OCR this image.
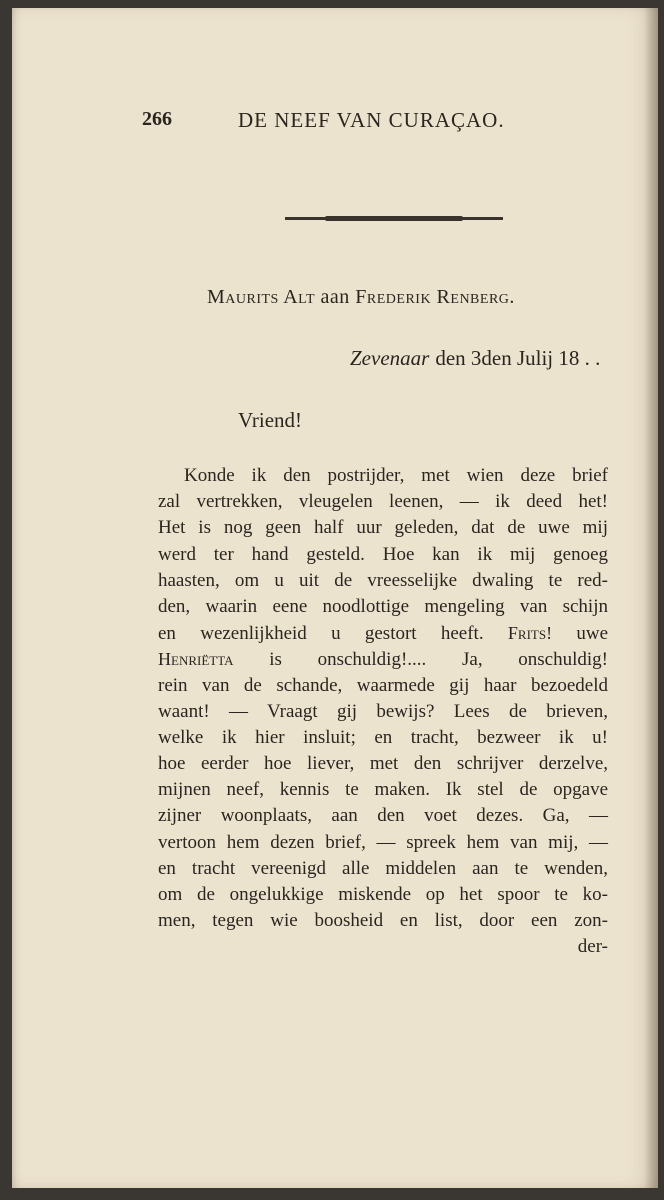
266	DE NEEF VAN CURAÇAO.
Maurits Alt aan Frederik Renberg.
Zevenaar den 3den Julij 18 . .
Vriend!
Konde ik den postrijder, met wien deze brief
zal vertrekken, vleugelen leenen, — ik deed het!
Het is nog geen half uur geleden, dat de uwe mij
werd ter hand gesteld. Hoe kan ik mij genoeg
haasten, om u uit de vreesselijke dwaling te red-
den, waarin eene noodlottige mengeling van schijn
en wezenlijkheid u gestort heeft. Frits! uwe
Henriëtta is onschuldig!.... Ja, onschuldig!
rein van de schande, waarmede gij haar bezoedeld
waant! — Vraagt gij bewijs? Lees de brieven,
welke ik hier insluit; en tracht, bezweer ik u!
hoe eerder hoe liever, met den schrijver derzelve,
mijnen neef, kennis te maken. Ik stel de opgave
zijner woonplaats, aan den voet dezes. Ga, —
vertoon hem dezen brief, — spreek hem van mij, —
en tracht vereenigd alle middelen aan te wenden,
om de ongelukkige miskende op het spoor te ko-
men, tegen wie boosheid en list, door een zon-
der-
